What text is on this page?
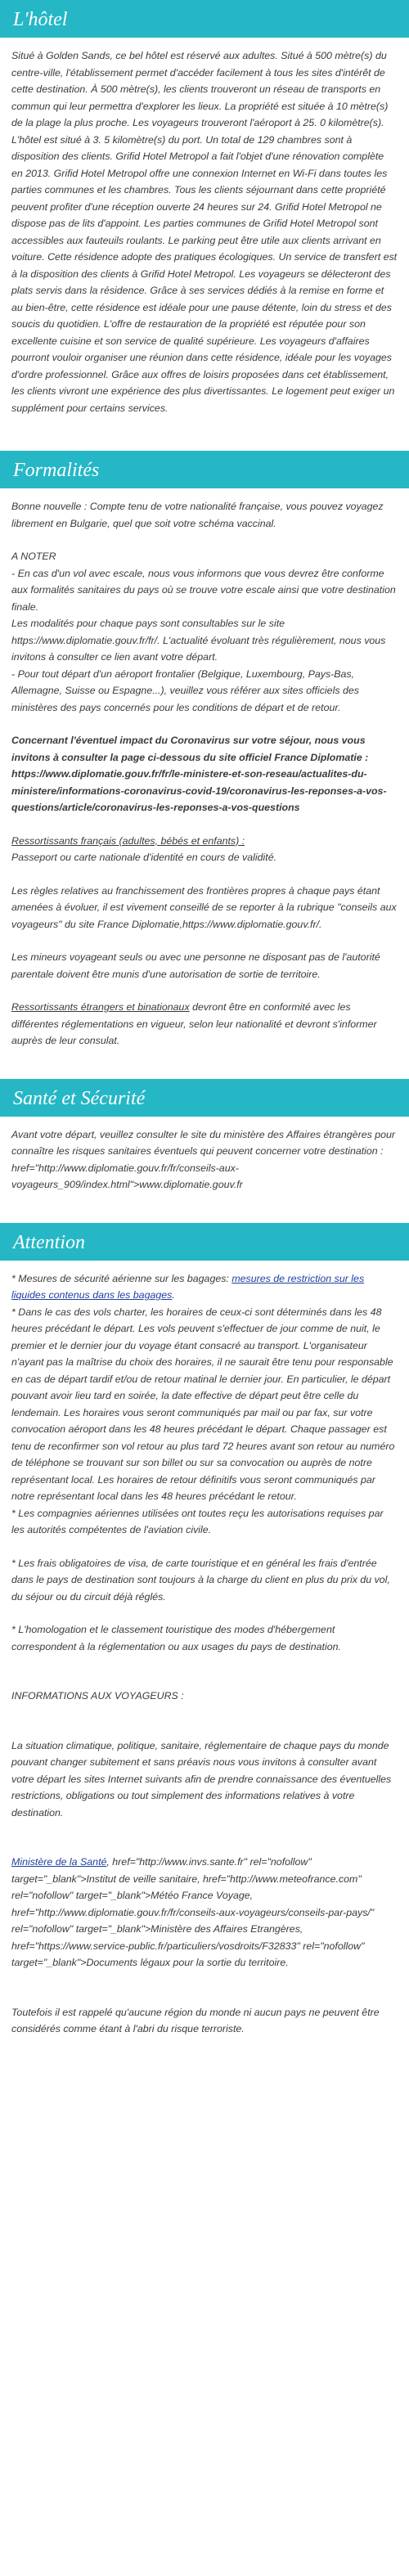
L'hôtel

Situé à Golden Sands, ce bel hôtel est réservé aux adultes. Situé à 500 mètre(s) du centre-ville, l'établissement permet d'accéder facilement à tous les sites d'intérêt de cette destination. À 500 mètre(s), les clients trouveront un réseau de transports en commun qui leur permettra d'explorer les lieux. La propriété est située à 10 mètre(s) de la plage la plus proche. Les voyageurs trouveront l'aéroport à 25. 0 kilomètre(s). L'hôtel est situé à 3. 5 kilomètre(s) du port. Un total de 129 chambres sont à disposition des clients. Grifid Hotel Metropol a fait l'objet d'une rénovation complète en 2013. Grifid Hotel Metropol offre une connexion Internet en Wi-Fi dans toutes les parties communes et les chambres. Tous les clients séjournant dans cette propriété peuvent profiter d'une réception ouverte 24 heures sur 24. Grifid Hotel Metropol ne dispose pas de lits d'appoint. Les parties communes de Grifid Hotel Metropol sont accessibles aux fauteuils roulants. Le parking peut être utile aux clients arrivant en voiture. Cette résidence adopte des pratiques écologiques. Un service de transfert est à la disposition des clients à Grifid Hotel Metropol. Les voyageurs se délecteront des plats servis dans la résidence. Grâce à ses services dédiés à la remise en forme et au bien-être, cette résidence est idéale pour une pause détente, loin du stress et des soucis du quotidien. L'offre de restauration de la propriété est réputée pour son excellente cuisine et son service de qualité supérieure. Les voyageurs d'affaires pourront vouloir organiser une réunion dans cette résidence, idéale pour les voyages d'ordre professionnel. Grâce aux offres de loisirs proposées dans cet établissement, les clients vivront une expérience des plus divertissantes. Le logement peut exiger un supplément pour certains services.

Formalités

Bonne nouvelle : Compte tenu de votre nationalité française, vous pouvez voyagez librement en Bulgarie, quel que soit votre schéma vaccinal.

A NOTER

- En cas d'un vol avec escale, nous vous informons que vous devrez être conforme aux formalités sanitaires du pays où se trouve votre escale ainsi que votre destination finale.

Les modalités pour chaque pays sont consultables sur le site https://www.diplomatie.gouv.fr/fr/. L'actualité évoluant très régulièrement, nous vous invitons à consulter ce lien avant votre départ.

- Pour tout départ d'un aéroport frontalier (Belgique, Luxembourg, Pays-Bas, Allemagne, Suisse ou Espagne...), veuillez vous référer aux sites officiels des ministères des pays concernés pour les conditions de départ et de retour.

Concernant l'éventuel impact du Coronavirus sur votre séjour, nous vous invitons à consulter la page ci-dessous du site officiel France Diplomatie : https://www.diplomatie.gouv.fr/fr/le-ministere-et-son-reseau/actualites-du-ministere/informations-coronavirus-covid-19/coronavirus-les-reponses-a-vos-questions/article/coronavirus-les-reponses-a-vos-questions

Ressortissants français (adultes, bébés et enfants) :

Passeport ou carte nationale d'identité en cours de validité.

Les règles relatives au franchissement des frontières propres à chaque pays étant amenées à évoluer, il est vivement conseillé de se reporter à la rubrique "conseils aux voyageurs" du site France Diplomatie,https://www.diplomatie.gouv.fr/.

Les mineurs voyageant seuls ou avec une personne ne disposant pas de l'autorité parentale doivent être munis d'une autorisation de sortie de territoire.

Ressortissants étrangers et binationaux devront être en conformité avec les différentes réglementations en vigueur, selon leur nationalité et devront s'informer auprès de leur consulat.

Santé et Sécurité

Avant votre départ, veuillez consulter le site du ministère des Affaires étrangères pour connaître les risques sanitaires éventuels qui peuvent concerner votre destination : href="http://www.diplomatie.gouv.fr/fr/conseils-aux-voyageurs_909/index.html">www.diplomatie.gouv.fr

Attention

* Mesures de sécurité aérienne sur les bagages: mesures de restriction sur les liquides contenus dans les bagages.

* Dans le cas des vols charter, les horaires de ceux-ci sont déterminés dans les 48 heures précédant le départ. Les vols peuvent s'effectuer de jour comme de nuit, le premier et le dernier jour du voyage étant consacré au transport. L'organisateur n'ayant pas la maîtrise du choix des horaires, il ne saurait être tenu pour responsable en cas de départ tardif et/ou de retour matinal le dernier jour. En particulier, le départ pouvant avoir lieu tard en soirée, la date effective de départ peut être celle du lendemain. Les horaires vous seront communiqués par mail ou par fax, sur votre convocation aéroport dans les 48 heures précédant le départ. Chaque passager est tenu de reconfirmer son vol retour au plus tard 72 heures avant son retour au numéro de téléphone se trouvant sur son billet ou sur sa convocation ou auprès de notre représentant local. Les horaires de retour définitifs vous seront communiqués par notre représentant local dans les 48 heures précédant le retour.

* Les compagnies aériennes utilisées ont toutes reçu les autorisations requises par les autorités compétentes de l'aviation civile.

* Les frais obligatoires de visa, de carte touristique et en général les frais d'entrée dans le pays de destination sont toujours à la charge du client en plus du prix du vol, du séjour ou du circuit déjà réglés.

* L'homologation et le classement touristique des modes d'hébergement correspondent à la réglementation ou aux usages du pays de destination.

INFORMATIONS AUX VOYAGEURS :

La situation climatique, politique, sanitaire, réglementaire de chaque pays du monde pouvant changer subitement et sans préavis nous vous invitons à consulter avant votre départ les sites Internet suivants afin de prendre connaissance des éventuelles restrictions, obligations ou tout simplement des informations relatives à votre destination.

Ministère de la Santé, href="http://www.invs.sante.fr" rel="nofollow" target="_blank">Institut de veille sanitaire, href="http://www.meteofrance.com" rel="nofollow" target="_blank">Météo France Voyage, href="http://www.diplomatie.gouv.fr/fr/conseils-aux-voyageurs/conseils-par-pays/" rel="nofollow" target="_blank">Ministère des Affaires Etrangères, href="https://www.service-public.fr/particuliers/vosdroits/F32833" rel="nofollow" target="_blank">Documents légaux pour la sortie du territoire.

Toutefois il est rappelé qu'aucune région du monde ni aucun pays ne peuvent être considérés comme étant à l'abri du risque terroriste.
